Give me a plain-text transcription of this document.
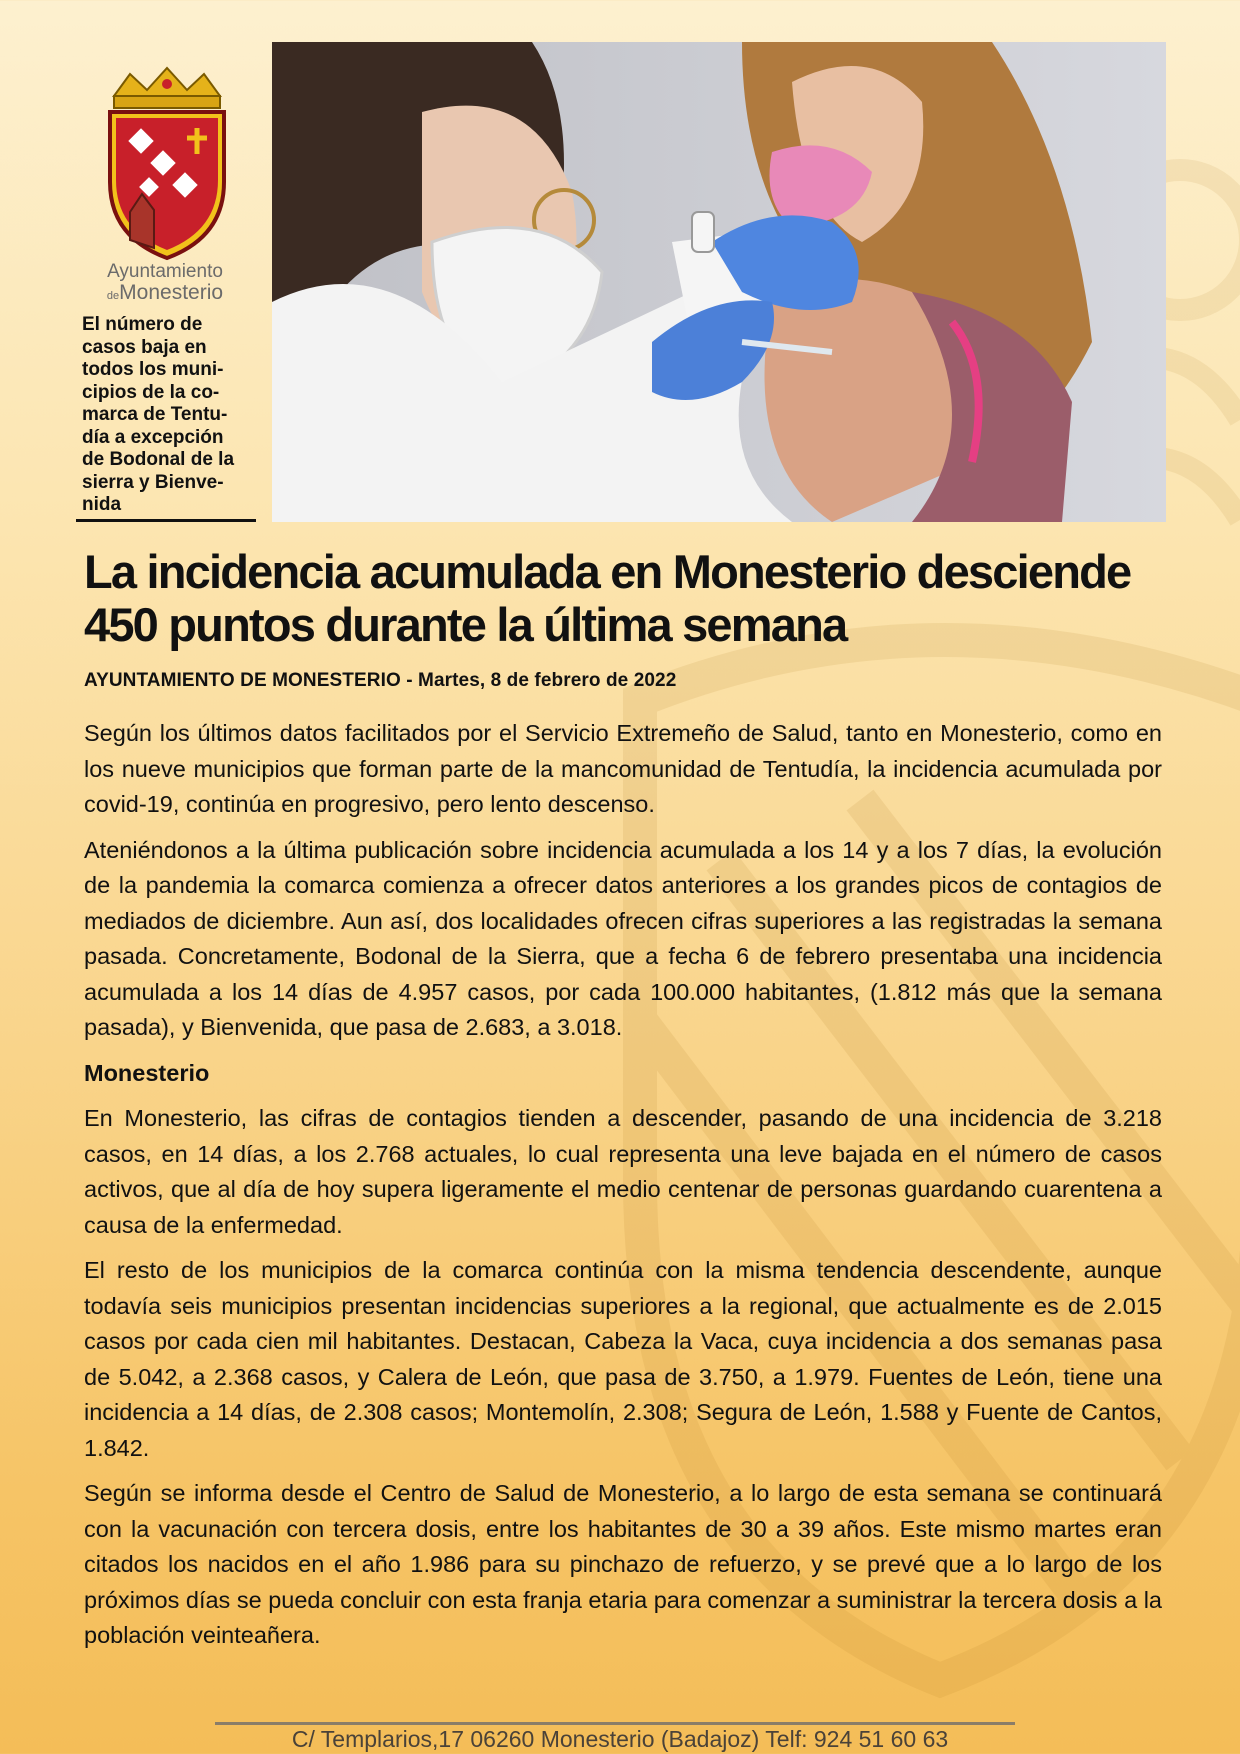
Ayuntamiento
deMonesterio

El número de
casos baja en
todos los muni-
cipios de la co-
marca de Tentu-
día a excepción
de Bodonal de la
sierra y Bienve-
nida

La incidencia acumulada en Monesterio desciende 450 puntos durante la última semana

AYUNTAMIENTO DE MONESTERIO - Martes, 8 de febrero de 2022

Según los últimos datos facilitados por el Servicio Extremeño de Salud, tanto en Monesterio, como en los nueve municipios que forman parte de la mancomunidad de Tentudía, la incidencia acumulada por covid-19, continúa en progresivo, pero lento descenso.

Ateniéndonos a la última publicación sobre incidencia acumulada a los 14 y a los 7 días, la evolución de la pandemia la comarca comienza a ofrecer datos anteriores a los grandes picos de contagios de mediados de diciembre. Aun así, dos localidades ofrecen cifras superiores a las registradas la semana pasada. Concretamente, Bodonal de la Sierra, que a fecha 6 de febrero presentaba una incidencia acumulada a los 14 días de 4.957 casos, por cada 100.000 habitantes, (1.812 más que la semana pasada), y Bienvenida, que pasa de 2.683, a 3.018.

Monesterio

En Monesterio, las cifras de contagios tienden a descender, pasando de una incidencia de 3.218 casos, en 14 días, a los 2.768 actuales, lo cual representa una leve bajada en el número de casos activos, que al día de hoy supera ligeramente el medio centenar de personas guardando cuarentena a causa de la enfermedad.

El resto de los municipios de la comarca continúa con la misma tendencia descendente, aunque todavía seis municipios presentan incidencias superiores a la regional, que actualmente es de 2.015 casos por cada cien mil habitantes. Destacan, Cabeza la Vaca, cuya incidencia a dos semanas pasa de 5.042, a 2.368 casos, y Calera de León, que pasa de 3.750, a 1.979. Fuentes de León, tiene una incidencia a 14 días, de 2.308 casos; Montemolín, 2.308; Segura de León, 1.588 y Fuente de Cantos, 1.842.

Según se informa desde el Centro de Salud de Monesterio, a lo largo de esta semana se continuará con la vacunación con tercera dosis, entre los habitantes de 30 a 39 años. Este mismo martes eran citados los nacidos en el año 1.986 para su pinchazo de refuerzo, y se prevé que a lo largo de los próximos días se pueda concluir con esta franja etaria para comenzar a suministrar la tercera dosis a la población veinteañera.

C/ Templarios,17 06260 Monesterio (Badajoz) Telf: 924 51 60 63
